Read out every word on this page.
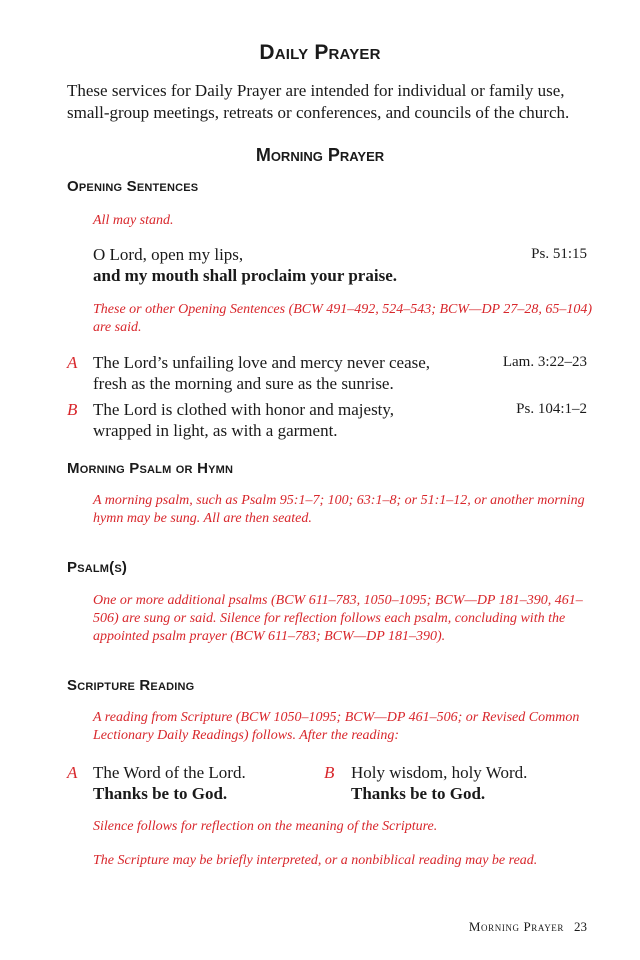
Daily Prayer

These services for Daily Prayer are intended for individual or family use, small-group meetings, retreats or conferences, and councils of the church.

Morning Prayer
Opening Sentences

All may stand.

O Lord, open my lips,	Ps. 51:15

and my mouth shall proclaim your praise.

These or other Opening Sentences (BCW 491–492, 524–543; BCW—DP 27–28, 65–104) are said.

A The Lord’s unfailing love and mercy never cease,	Lam. 3:22–23

fresh as the morning and sure as the sunrise.

B The Lord is clothed with honor and majesty,	Ps. 104:1–2

wrapped in light, as with a garment.

Morning Psalm or Hymn

A morning psalm, such as Psalm 95:1–7; 100; 63:1–8; or 51:1–12, or another morning hymn may be sung. All are then seated.

Psalm(s)

One or more additional psalms (BCW 611–783, 1050–1095; BCW—DP 181–390, 461–506) are sung or said. Silence for reflection follows each psalm, concluding with the appointed psalm prayer (BCW 611–783; BCW—DP 181–390).

Scripture Reading

A reading from Scripture (BCW 1050–1095; BCW—DP 461–506; or Revised Common Lectionary Daily Readings) follows. After the reading:

A The Word of the Lord.

Thanks be to God.

B Holy wisdom, holy Word.

Thanks be to God.

Silence follows for reflection on the meaning of the Scripture.

The Scripture may be briefly interpreted, or a nonbiblical reading may be read.

Morning Prayer 23
